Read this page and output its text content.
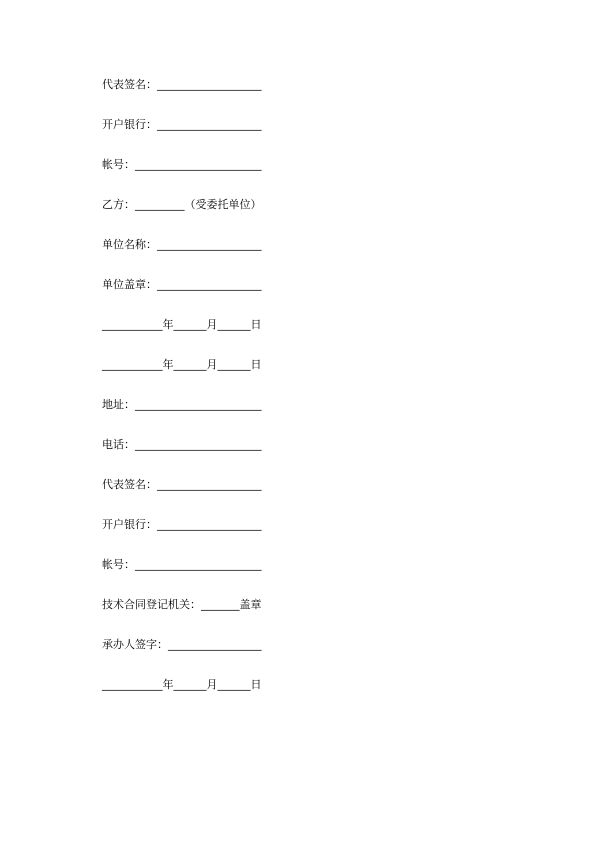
代表签名：___________________
开户银行：___________________
帐号：_______________________
乙方：_________（受委托单位）
单位名称：___________________
单位盖章：___________________
___________年______月______日
___________年______月______日
地址：_______________________
电话：_______________________
代表签名：___________________
开户银行：___________________
帐号：_______________________
技术合同登记机关：_______盖章
承办人签字：_________________
___________年______月______日
